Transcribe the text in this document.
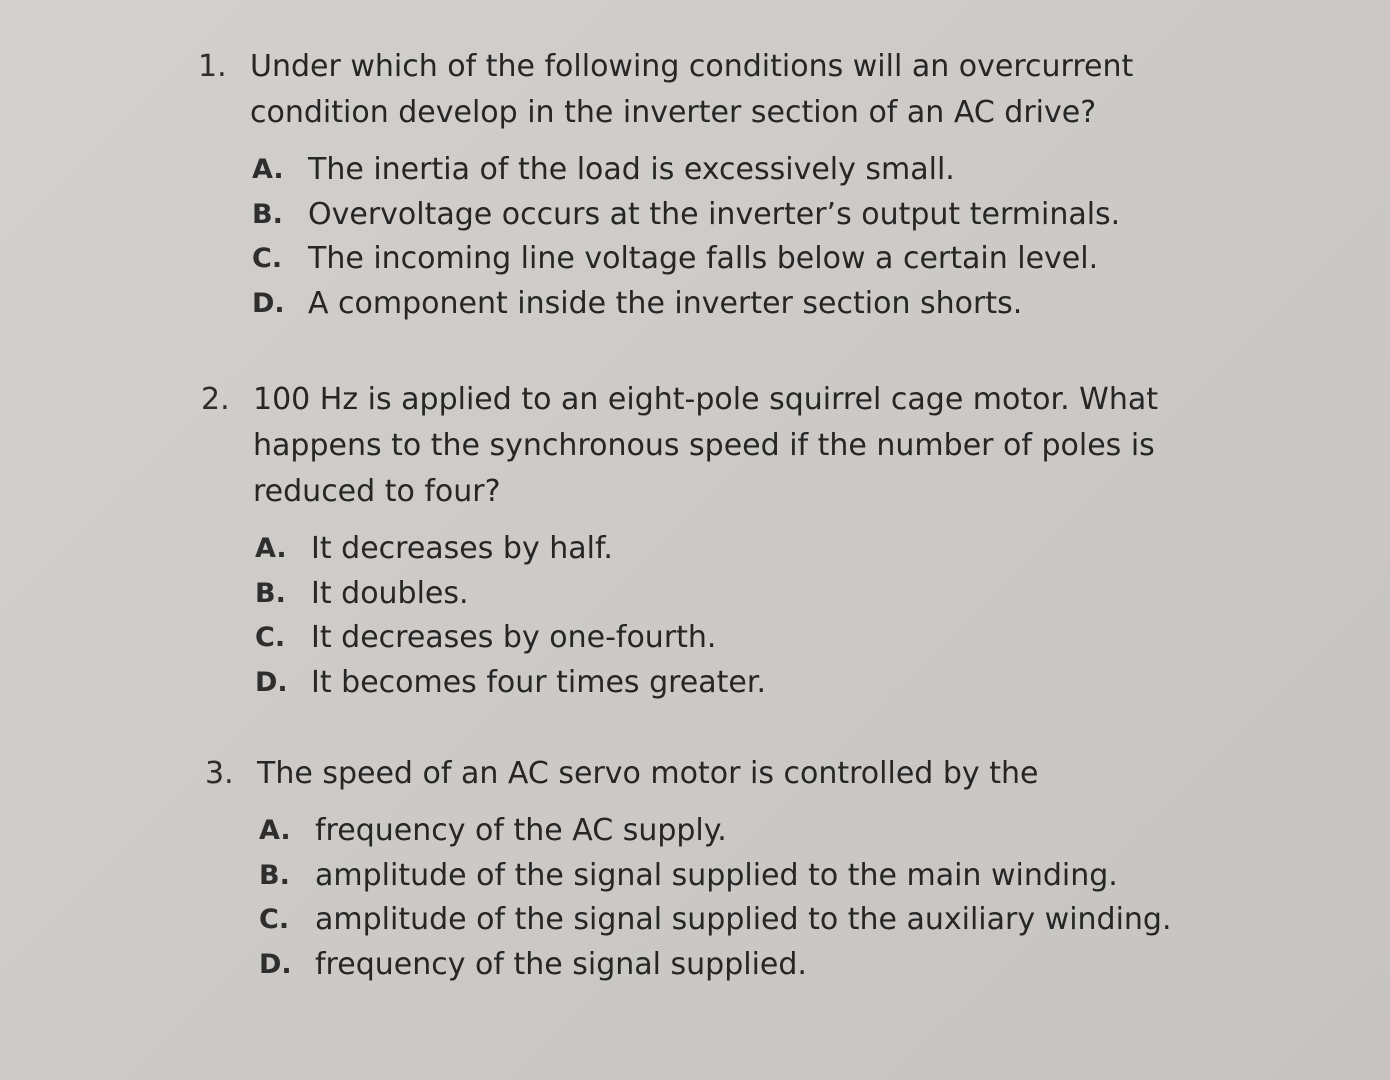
1. Under which of the following conditions will an overcurrent
condition develop in the inverter section of an AC drive?
A. The inertia of the load is excessively small.
B. Overvoltage occurs at the inverter’s output terminals.
C. The incoming line voltage falls below a certain level.
D. A component inside the inverter section shorts.
2. 100 Hz is applied to an eight-pole squirrel cage motor. What
happens to the synchronous speed if the number of poles is
reduced to four?
A. It decreases by half.
B. It doubles.
C. It decreases by one-fourth.
D. It becomes four times greater.
3. The speed of an AC servo motor is controlled by the
A. frequency of the AC supply.
B. amplitude of the signal supplied to the main winding.
C. amplitude of the signal supplied to the auxiliary winding.
D. frequency of the signal supplied.
